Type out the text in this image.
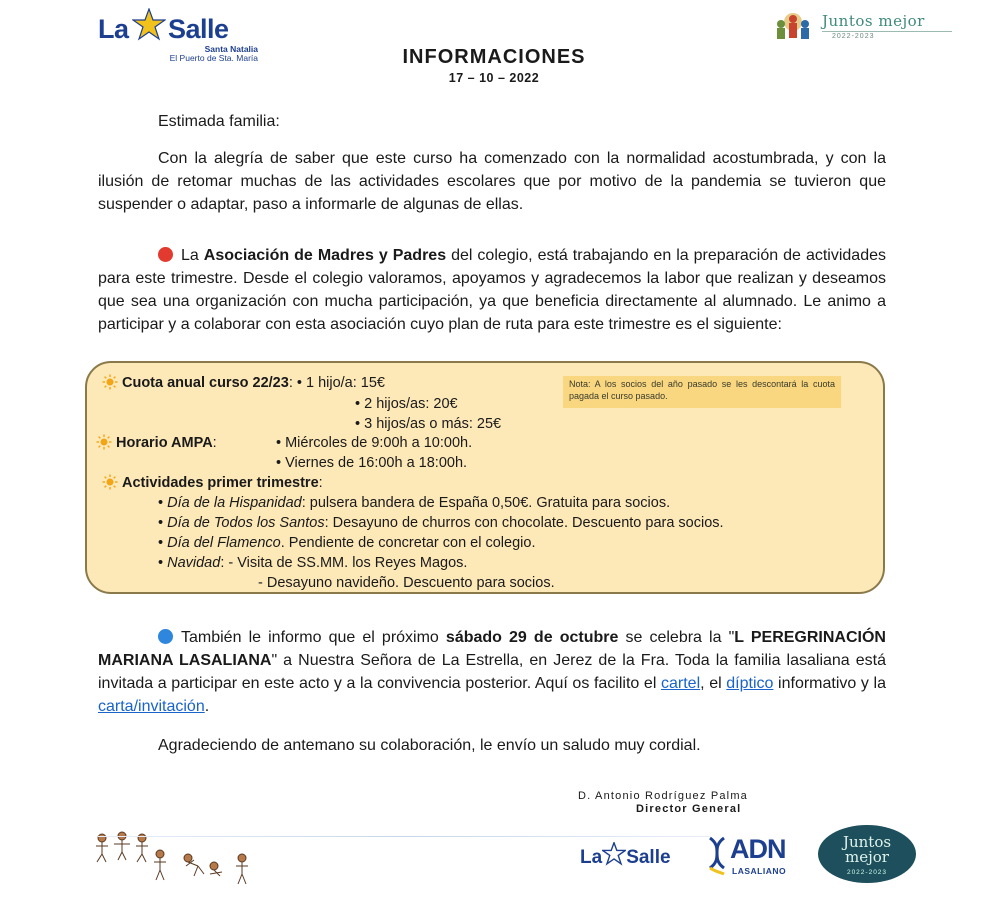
La Salle
Santa Natalia
El Puerto de Sta. María
Juntos mejor
2022-2023
INFORMACIONES
17 – 10 – 2022

Estimada familia:

Con la alegría de saber que este curso ha comenzado con la normalidad acostumbrada, y con la ilusión de retomar muchas de las actividades escolares que por motivo de la pandemia se tuvieron que suspender o adaptar, paso a informarle de algunas de ellas.

La Asociación de Madres y Padres del colegio, está trabajando en la preparación de actividades para este trimestre. Desde el colegio valoramos, apoyamos y agradecemos la labor que realizan y deseamos que sea una organización con mucha participación, ya que beneficia directamente al alumnado. Le animo a participar y a colaborar con esta asociación cuyo plan de ruta para este trimestre es el siguiente:

Cuota anual curso 22/23: • 1 hijo/a: 15€
• 2 hijos/as: 20€
• 3 hijos/as o más: 25€
Horario AMPA:	• Miércoles de 9:00h a 10:00h.
• Viernes de 16:00h a 18:00h.
Actividades primer trimestre:
• Día de la Hispanidad: pulsera bandera de España 0,50€. Gratuita para socios.
• Día de Todos los Santos: Desayuno de churros con chocolate. Descuento para socios.
• Día del Flamenco. Pendiente de concretar con el colegio.
• Navidad: - Visita de SS.MM. los Reyes Magos.
- Desayuno navideño. Descuento para socios.
Nota: A los socios del año pasado se les descontará la cuota pagada el curso pasado.

También le informo que el próximo sábado 29 de octubre se celebra la "L PEREGRINACIÓN MARIANA LASALIANA" a Nuestra Señora de La Estrella, en Jerez de la Fra. Toda la familia lasaliana está invitada a participar en este acto y a la convivencia posterior. Aquí os facilito el cartel, el díptico informativo y la carta/invitación.

Agradeciendo de antemano su colaboración, le envío un saludo muy cordial.

D. Antonio Rodríguez Palma
Director General
La Salle ADN
LASALIANO
Juntos
mejor
2022-2023
